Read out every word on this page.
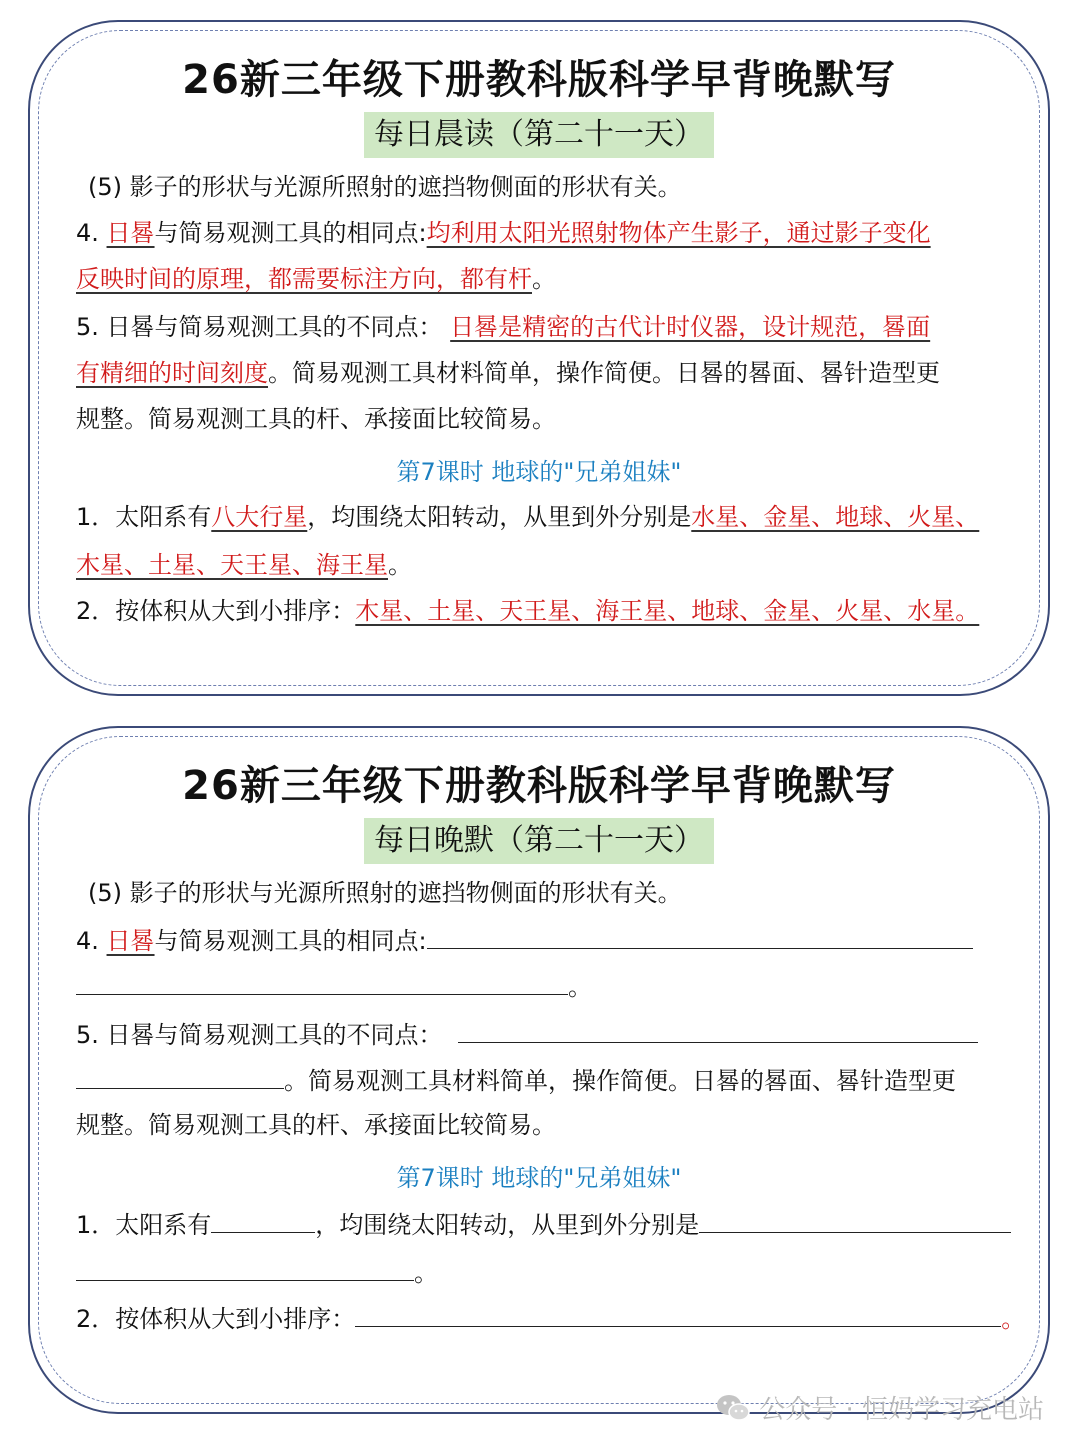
26新三年级下册教科版科学早背晚默写
每日晨读（第二十一天）
(5) 影子的形状与光源所照射的遮挡物侧面的形状有关。
4. 日晷与简易观测工具的相同点:均利用太阳光照射物体产生影子，通过影子变化
反映时间的原理，都需要标注方向，都有杆。
5. 日晷与简易观测工具的不同点： 日晷是精密的古代计时仪器，设计规范，晷面
有精细的时间刻度。简易观测工具材料简单，操作简便。日晷的晷面、晷针造型更
规整。简易观测工具的杆、承接面比较简易。
第7课时 地球的"兄弟姐妹"
1．太阳系有八大行星，均围绕太阳转动，从里到外分别是水星、金星、地球、火星、
木星、土星、天王星、海王星。
2．按体积从大到小排序：木星、土星、天王星、海王星、地球、金星、火星、水星。
26新三年级下册教科版科学早背晚默写
每日晚默（第二十一天）
(5) 影子的形状与光源所照射的遮挡物侧面的形状有关。
4. 日晷与简易观测工具的相同点:
。
5. 日晷与简易观测工具的不同点：
。简易观测工具材料简单，操作简便。日晷的晷面、晷针造型更
规整。简易观测工具的杆、承接面比较简易。
第7课时 地球的"兄弟姐妹"
1．太阳系有	，均围绕太阳转动，从里到外分别是
。
2．按体积从大到小排序：	。
公众号 · 恒妈学习充电站
